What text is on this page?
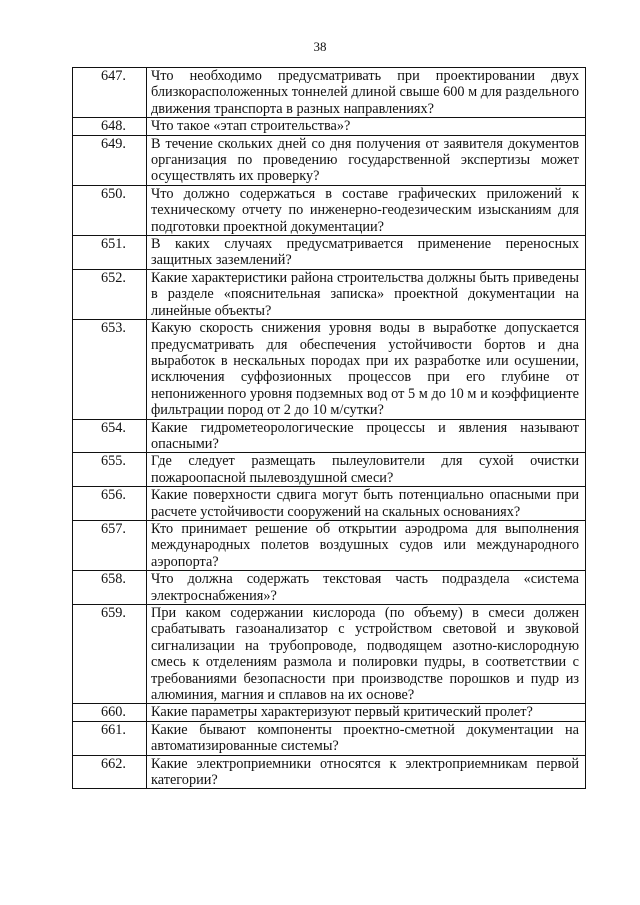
38
647.	Что необходимо предусматривать при проектировании двух близкорасположенных тоннелей длиной свыше 600 м для раздельного движения транспорта в разных направлениях?
648.	Что такое «этап строительства»?
649.	В течение скольких дней со дня получения от заявителя документов организация по проведению государственной экспертизы может осуществлять их проверку?
650.	Что должно содержаться в составе графических приложений к техническому отчету по инженерно-геодезическим изысканиям для подготовки проектной документации?
651.	В каких случаях предусматривается применение переносных защитных заземлений?
652.	Какие характеристики района строительства должны быть приведены в разделе «пояснительная записка» проектной документации на линейные объекты?
653.	Какую скорость снижения уровня воды в выработке допускается предусматривать для обеспечения устойчивости бортов и дна выработок в нескальных породах при их разработке или осушении, исключения суффозионных процессов при его глубине от непониженного уровня подземных вод от 5 м до 10 м и коэффициенте фильтрации пород от 2 до 10 м/сутки?
654.	Какие гидрометеорологические процессы и явления называют опасными?
655.	Где следует размещать пылеуловители для сухой очистки пожароопасной пылевоздушной смеси?
656.	Какие поверхности сдвига могут быть потенциально опасными при расчете устойчивости сооружений на скальных основаниях?
657.	Кто принимает решение об открытии аэродрома для выполнения международных полетов воздушных судов или международного аэропорта?
658.	Что должна содержать текстовая часть подраздела «система электроснабжения»?
659.	При каком содержании кислорода (по объему) в смеси должен срабатывать газоанализатор с устройством световой и звуковой сигнализации на трубопроводе, подводящем азотно-кислородную смесь к отделениям размола и полировки пудры, в соответствии с требованиями безопасности при производстве порошков и пудр из алюминия, магния и сплавов на их основе?
660.	Какие параметры характеризуют первый критический пролет?
661.	Какие бывают компоненты проектно-сметной документации на автоматизированные системы?
662.	Какие электроприемники относятся к электроприемникам первой категории?
